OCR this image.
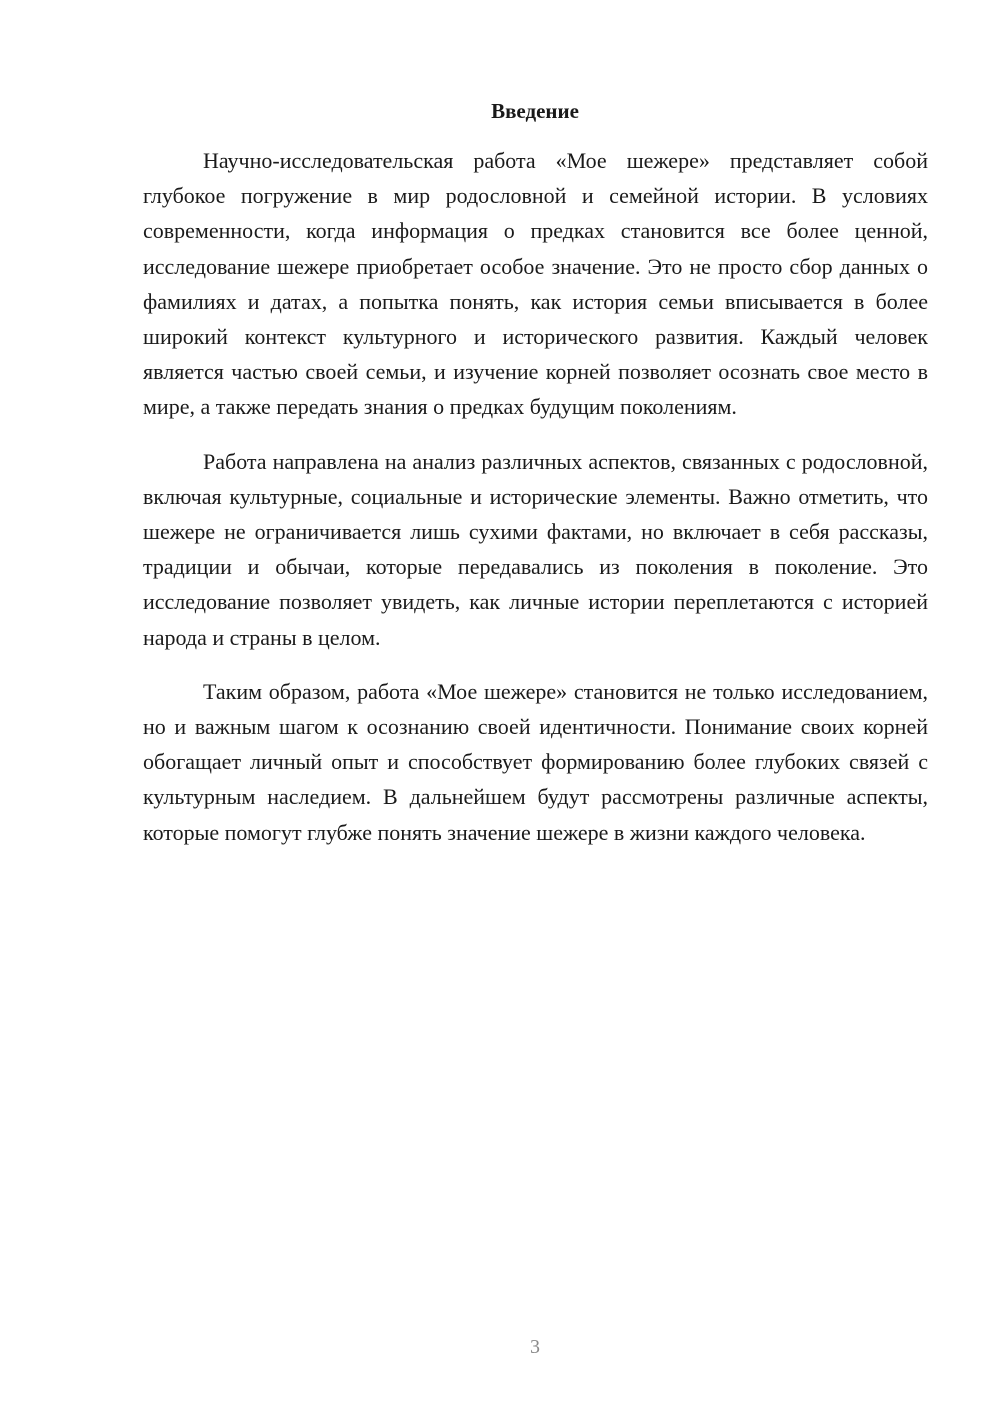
Введение

Научно-исследовательская работа «Мое шежере» представляет собой глубокое погружение в мир родословной и семейной истории. В условиях современности, когда информация о предках становится все более ценной, исследование шежере приобретает особое значение. Это не просто сбор данных о фамилиях и датах, а попытка понять, как история семьи вписывается в более широкий контекст культурного и исторического развития. Каждый человек является частью своей семьи, и изучение корней позволяет осознать свое место в мире, а также передать знания о предках будущим поколениям.

Работа направлена на анализ различных аспектов, связанных с родословной, включая культурные, социальные и исторические элементы. Важно отметить, что шежере не ограничивается лишь сухими фактами, но включает в себя рассказы, традиции и обычаи, которые передавались из поколения в поколение. Это исследование позволяет увидеть, как личные истории переплетаются с историей народа и страны в целом.

Таким образом, работа «Мое шежере» становится не только исследованием, но и важным шагом к осознанию своей идентичности. Понимание своих корней обогащает личный опыт и способствует формированию более глубоких связей с культурным наследием. В дальнейшем будут рассмотрены различные аспекты, которые помогут глубже понять значение шежере в жизни каждого человека.

3
